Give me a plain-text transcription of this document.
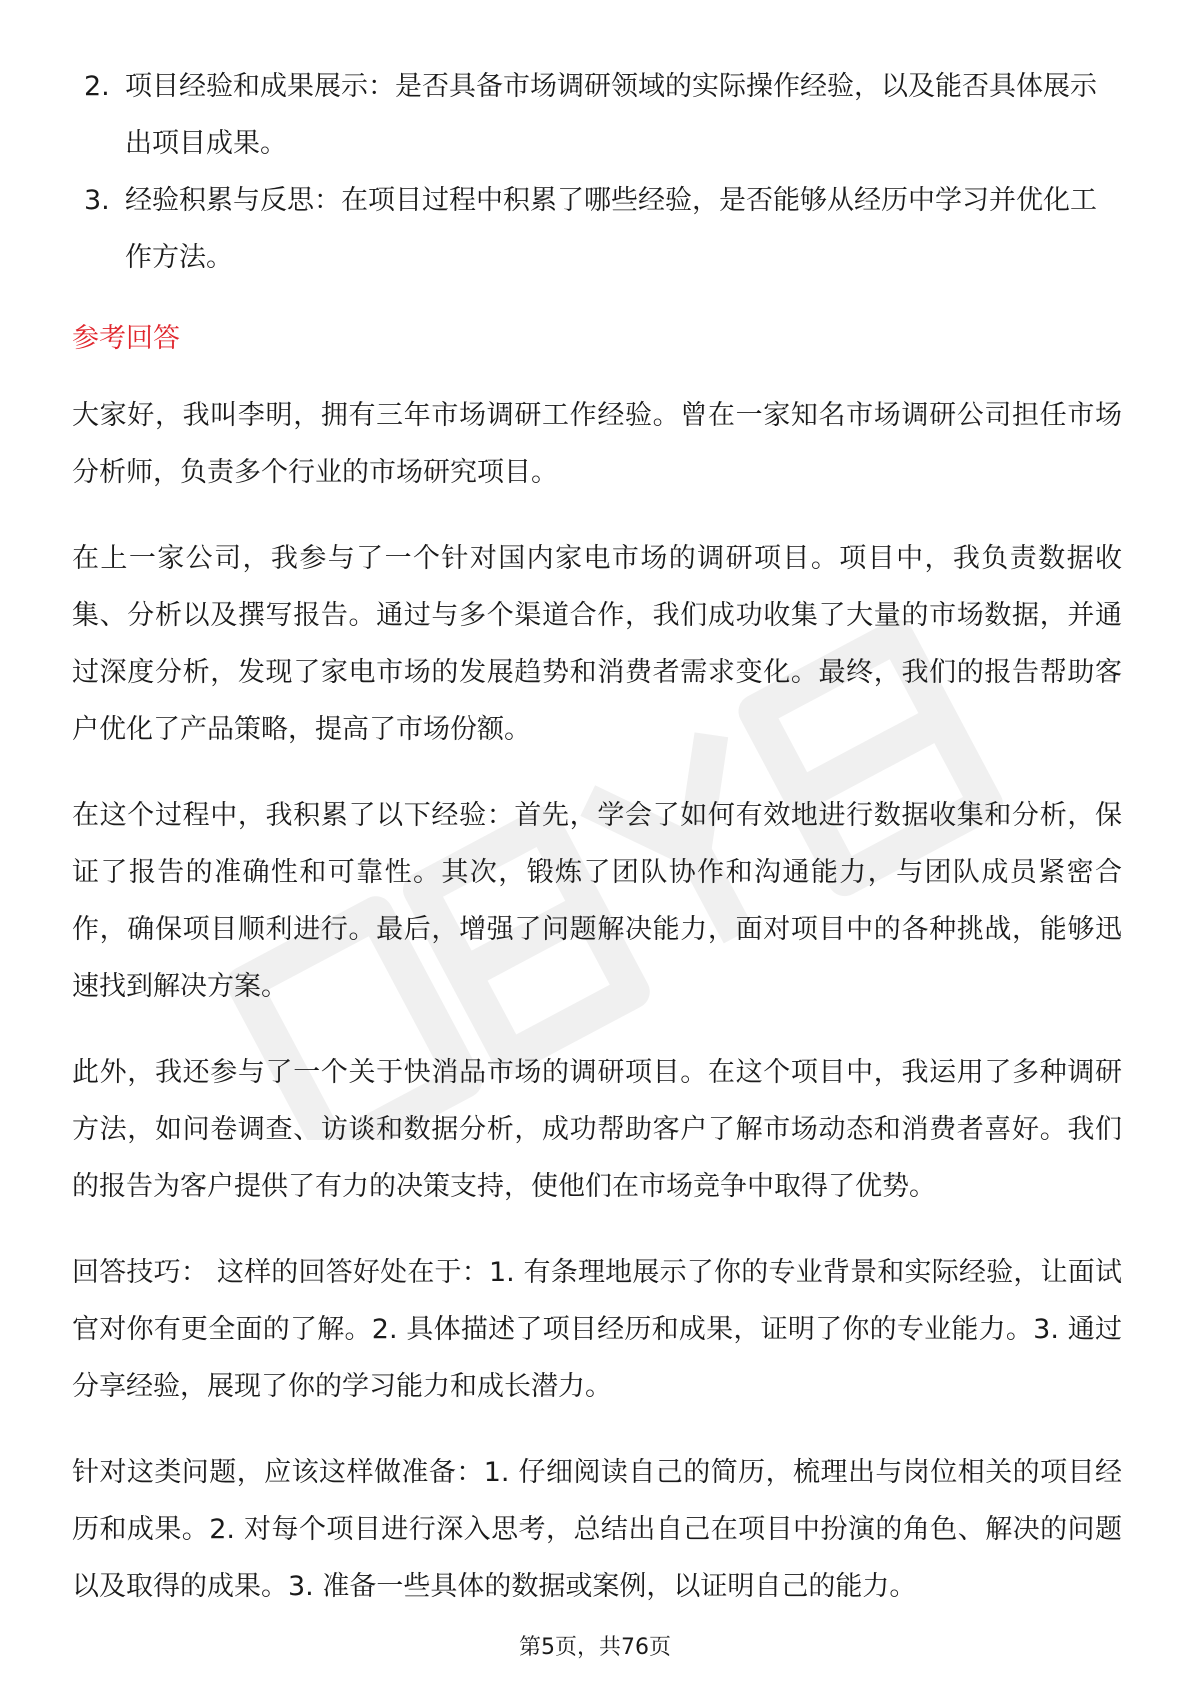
2. 项目经验和成果展示：是否具备市场调研领域的实际操作经验，以及能否具体展示出项目成果。
3. 经验积累与反思：在项目过程中积累了哪些经验，是否能够从经历中学习并优化工作方法。
参考回答

大家好，我叫李明，拥有三年市场调研工作经验。曾在一家知名市场调研公司担任市场分析师，负责多个行业的市场研究项目。

在上一家公司，我参与了一个针对国内家电市场的调研项目。项目中，我负责数据收集、分析以及撰写报告。通过与多个渠道合作，我们成功收集了大量的市场数据，并通过深度分析，发现了家电市场的发展趋势和消费者需求变化。最终，我们的报告帮助客户优化了产品策略，提高了市场份额。

在这个过程中，我积累了以下经验：首先，学会了如何有效地进行数据收集和分析，保证了报告的准确性和可靠性。其次，锻炼了团队协作和沟通能力，与团队成员紧密合作，确保项目顺利进行。最后，增强了问题解决能力，面对项目中的各种挑战，能够迅速找到解决方案。

此外，我还参与了一个关于快消品市场的调研项目。在这个项目中，我运用了多种调研方法，如问卷调查、访谈和数据分析，成功帮助客户了解市场动态和消费者喜好。我们的报告为客户提供了有力的决策支持，使他们在市场竞争中取得了优势。

回答技巧： 这样的回答好处在于：1. 有条理地展示了你的专业背景和实际经验，让面试官对你有更全面的了解。2. 具体描述了项目经历和成果，证明了你的专业能力。3. 通过分享经验，展现了你的学习能力和成长潜力。

针对这类问题，应该这样做准备：1. 仔细阅读自己的简历，梳理出与岗位相关的项目经历和成果。2. 对每个项目进行深入思考，总结出自己在项目中扮演的角色、解决的问题以及取得的成果。3. 准备一些具体的数据或案例，以证明自己的能力。

第5页，共76页
